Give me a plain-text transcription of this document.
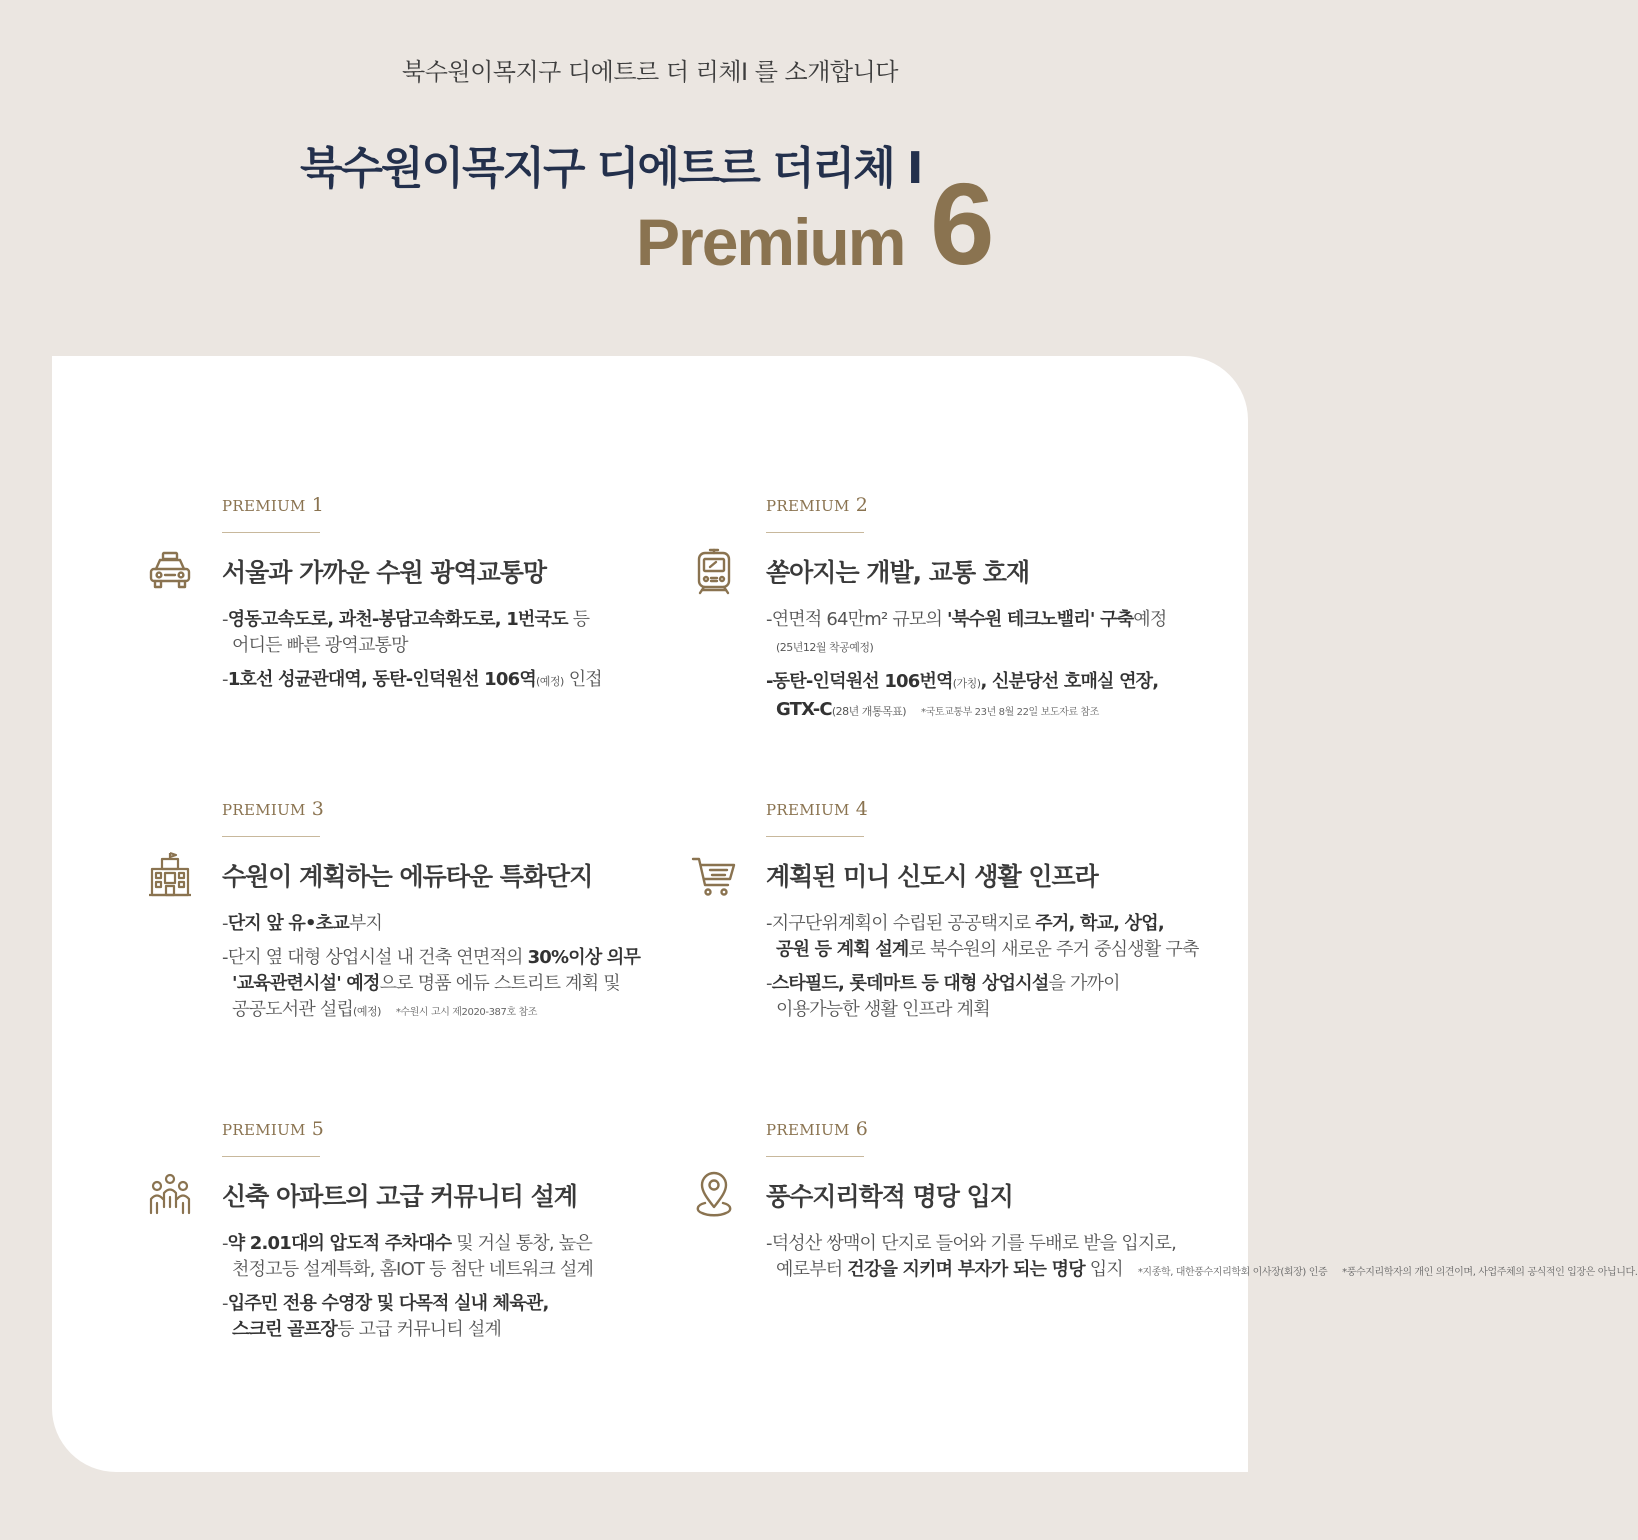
북수원이목지구 디에트르 더 리체Ⅰ 를 소개합니다
북수원이목지구 디에트르 더리체 Ⅰ
Premium 6
PREMIUM 1
서울과 가까운 수원 광역교통망
-영동고속도로, 과천-봉담고속화도로, 1번국도 등
어디든 빠른 광역교통망
-1호선 성균관대역, 동탄-인덕원선 106역(예정) 인접
PREMIUM 2
쏟아지는 개발, 교통 호재
-연면적 64만m² 규모의 '북수원 테크노밸리' 구축예정
(25년12월 착공예정)
-동탄-인덕원선 106번역(가칭), 신분당선 호매실 연장,
GTX-C(28년 개통목표) *국토교통부 23년 8월 22일 보도자료 참조
PREMIUM 3
수원이 계획하는 에듀타운 특화단지
-단지 앞 유•초교부지
-단지 옆 대형 상업시설 내 건축 연면적의 30%이상 의무
'교육관련시설' 예정으로 명품 에듀 스트리트 계획 및
공공도서관 설립(예정) *수원시 고시 제2020-387호 참조
PREMIUM 4
계획된 미니 신도시 생활 인프라
-지구단위계획이 수립된 공공택지로 주거, 학교, 상업,
공원 등 계획 설계로 북수원의 새로운 주거 중심생활 구축
-스타필드, 롯데마트 등 대형 상업시설을 가까이
이용가능한 생활 인프라 계획
PREMIUM 5
신축 아파트의 고급 커뮤니티 설계
-약 2.01대의 압도적 주차대수 및 거실 통창, 높은
천정고등 설계특화, 홈IOT 등 첨단 네트워크 설계
-입주민 전용 수영장 및 다목적 실내 체육관,
스크린 골프장등 고급 커뮤니티 설계
PREMIUM 6
풍수지리학적 명당 입지
-덕성산 쌍맥이 단지로 들어와 기를 두배로 받을 입지로,
예로부터 건강을 지키며 부자가 되는 명당 입지 *지종학, 대한풍수지리학회 이사장(회장) 인증 *풍수지리학자의 개인 의견이며, 사업주체의 공식적인 입장은 아닙니다.
